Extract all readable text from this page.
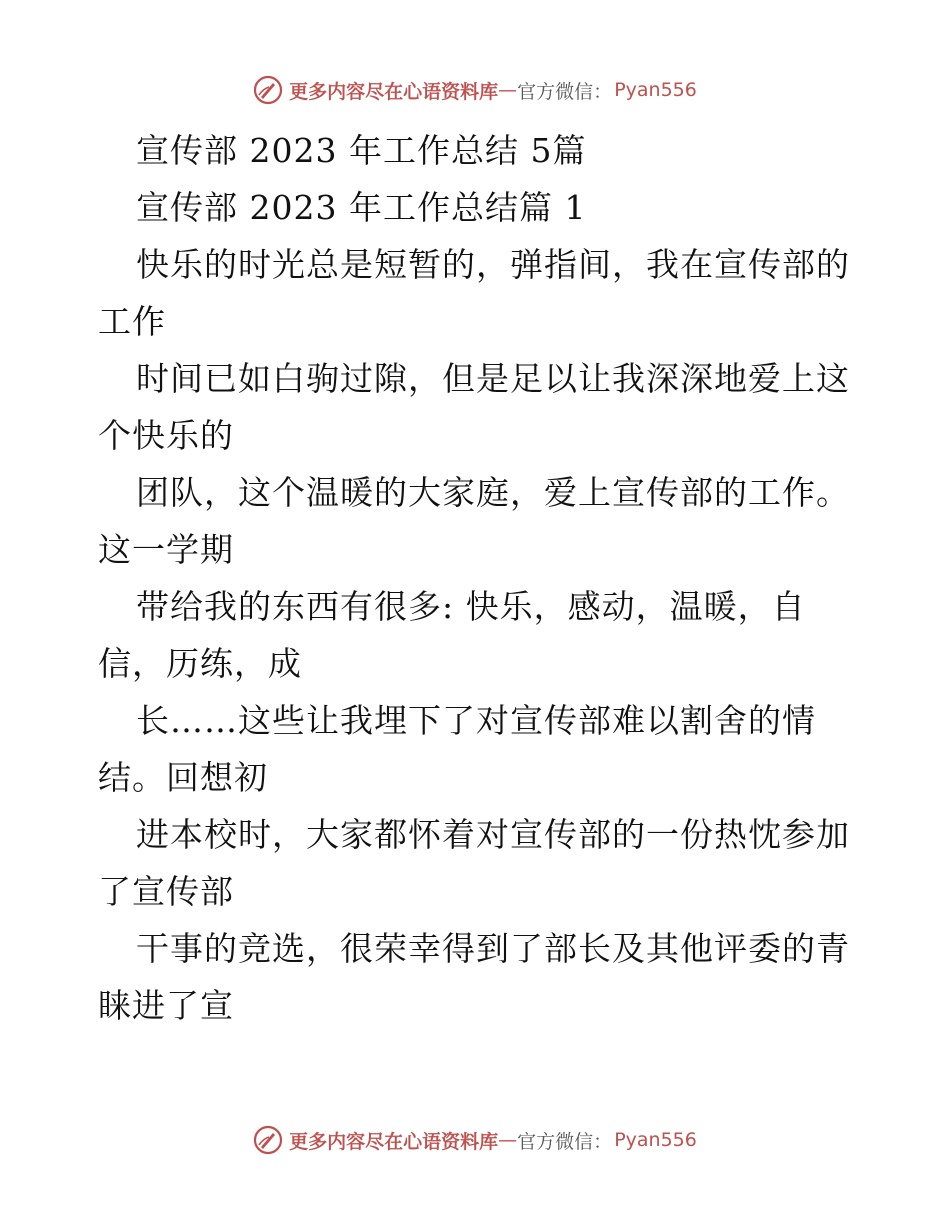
更多内容尽在心语资料库 — 官方微信： Pyan556

宣传部 2023 年工作总结 5篇

宣传部 2023 年工作总结篇 1

快乐的时光总是短暂的，弹指间，我在宣传部的工作

时间已如白驹过隙，但是足以让我深深地爱上这个快乐的

团队，这个温暖的大家庭，爱上宣传部的工作。这一学期

带给我的东西有很多: 快乐，感动，温暖，自信，历练，成

长……这些让我埋下了对宣传部难以割舍的情结。回想初

进本校时，大家都怀着对宣传部的一份热忱参加了宣传部

干事的竞选，很荣幸得到了部长及其他评委的青睐进了宣

更多内容尽在心语资料库 — 官方微信： Pyan556
